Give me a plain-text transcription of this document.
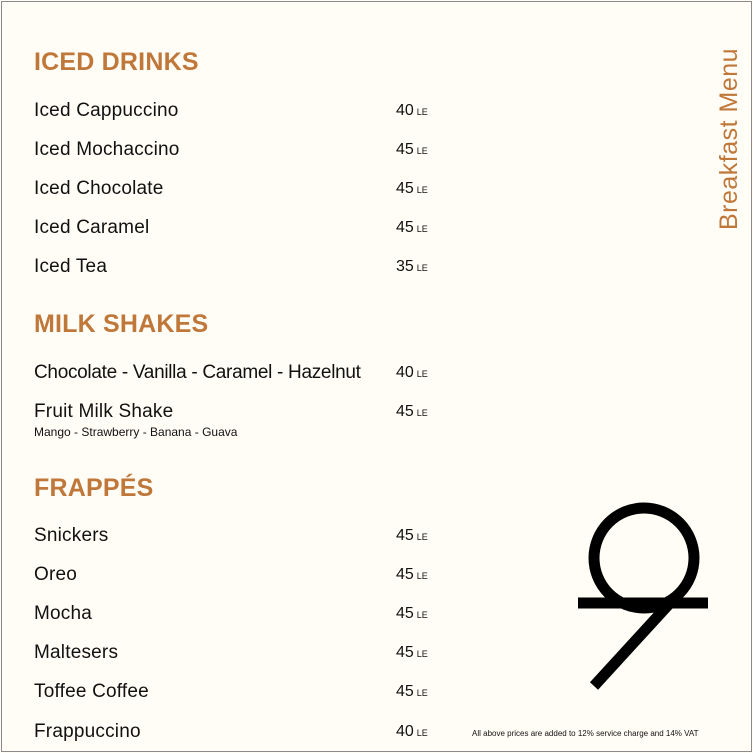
ICED DRINKS
Iced Cappuccino	40 LE
Iced Mochaccino	45 LE
Iced Chocolate	45 LE
Iced Caramel	45 LE
Iced Tea	35 LE
MILK SHAKES
Chocolate - Vanilla - Caramel - Hazelnut 40 LE
Fruit Milk Shake	45 LE
Mango - Strawberry - Banana - Guava
FRAPPÉS
Snickers	45 LE
Oreo	45 LE
Mocha	45 LE
Maltesers	45 LE
Toffee Coffee	45 LE
Frappuccino	40 LE
Breakfast Menu
All above prices are added to 12% service charge and 14% VAT
